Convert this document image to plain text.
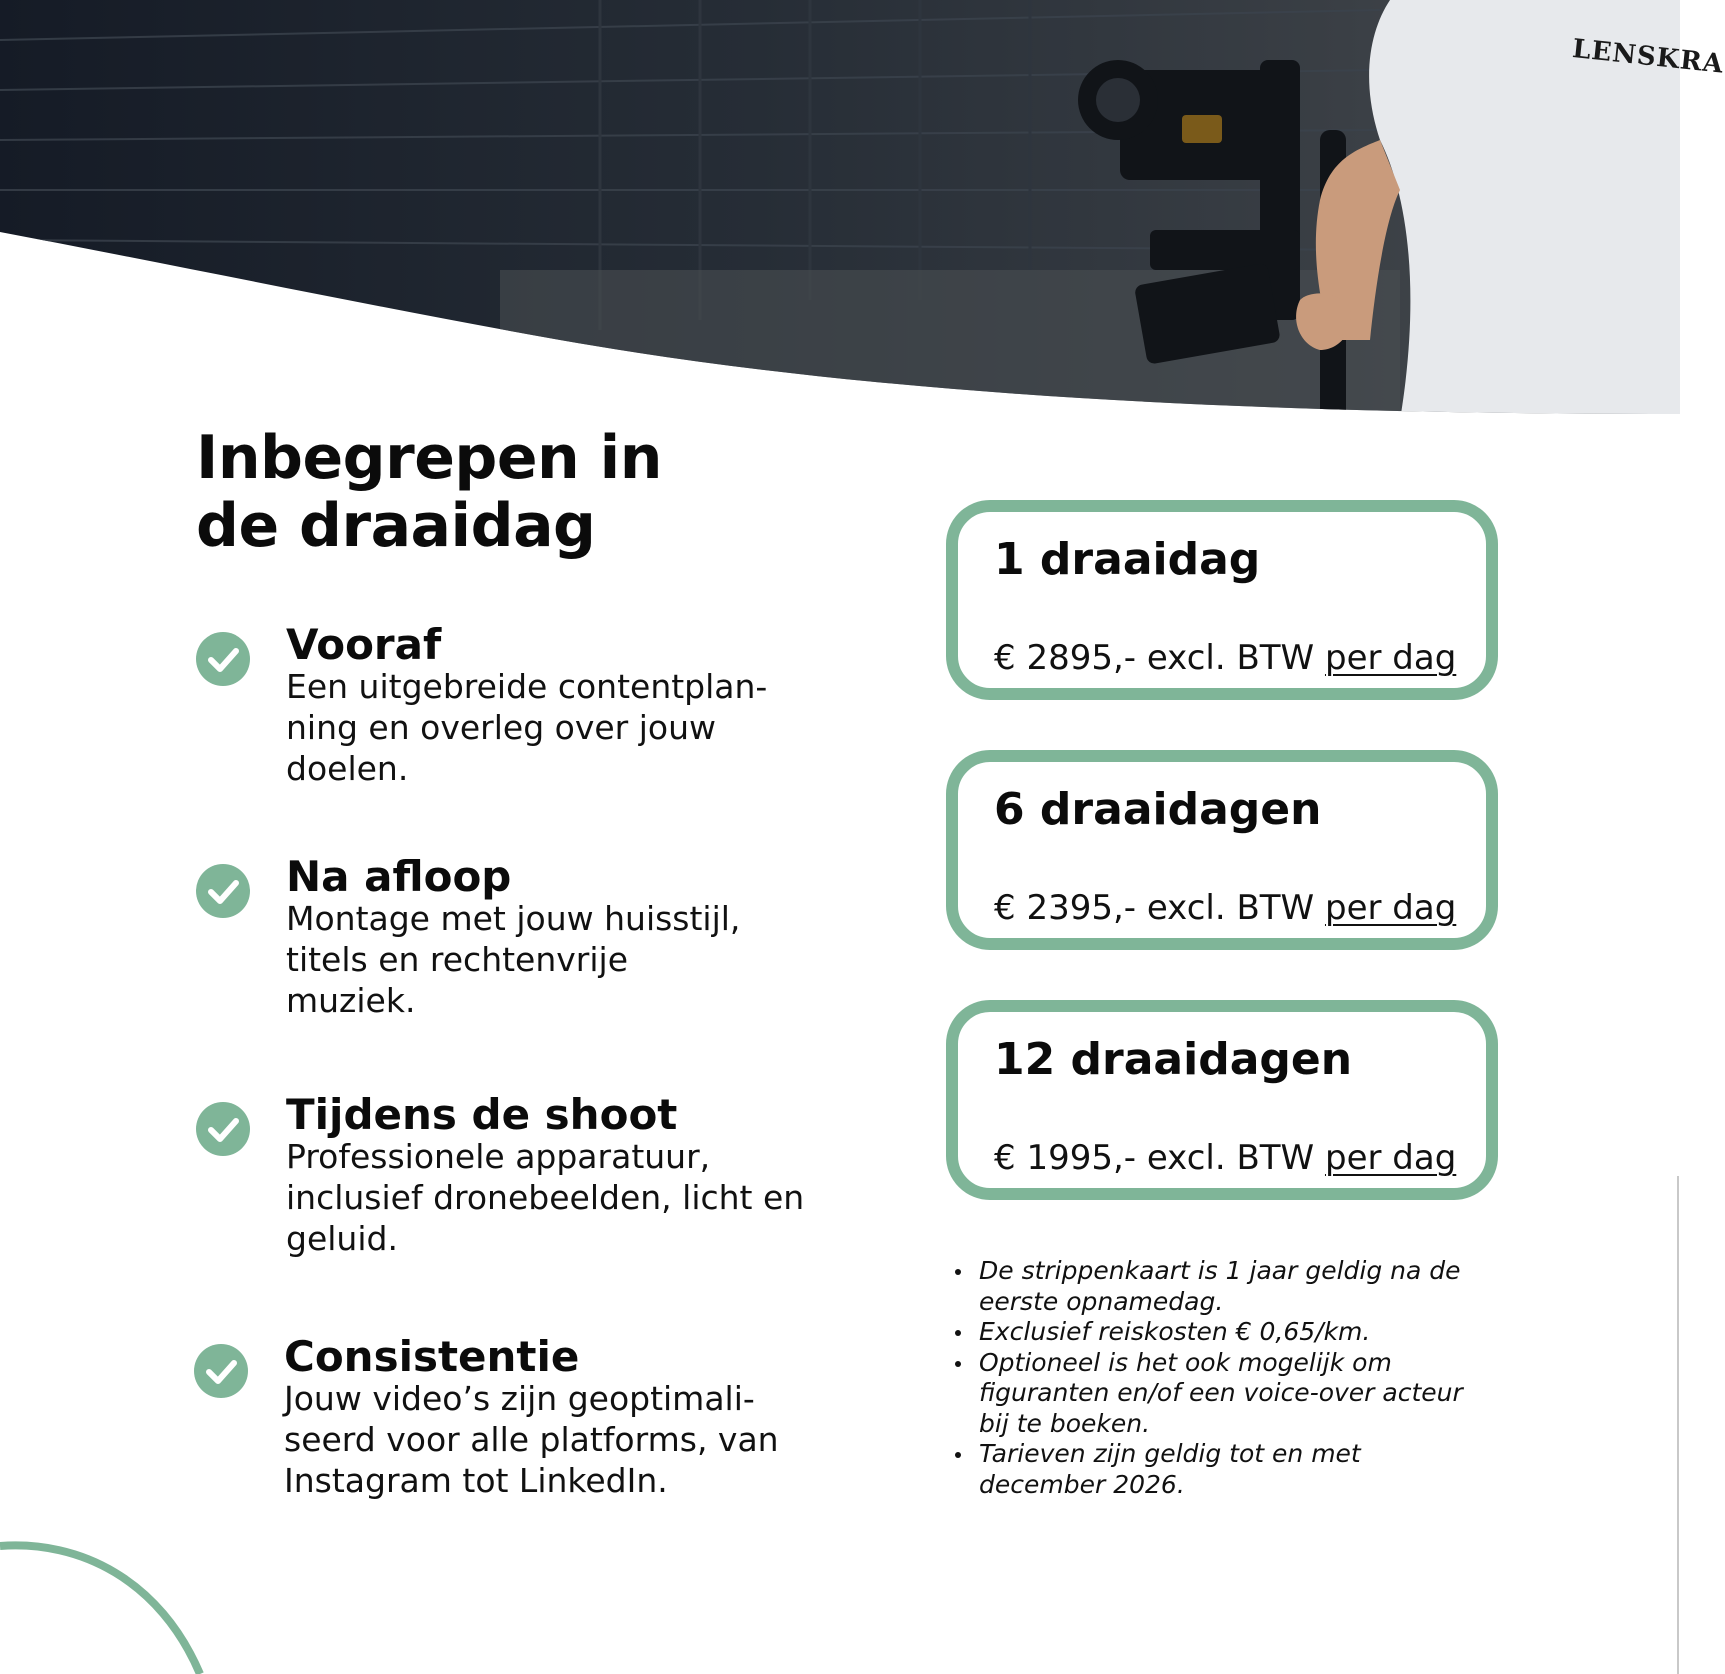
LENSKRA
Inbegrepen in
de draaidag
Vooraf
Een uitgebreide contentplan-
ning en overleg over jouw
doelen.
Na afloop
Montage met jouw huisstijl,
titels en rechtenvrije
muziek.
Tijdens de shoot
Professionele apparatuur,
inclusief dronebeelden, licht en
geluid.
Consistentie
Jouw video’s zijn geoptimali-
seerd voor alle platforms, van
Instagram tot LinkedIn.
1 draaidag
€ 2895,- excl. BTW per dag
6 draaidagen
€ 2395,- excl. BTW per dag
12 draaidagen
€ 1995,- excl. BTW per dag
De strippenkaart is 1 jaar geldig na de
eerste opnamedag.
Exclusief reiskosten € 0,65/km.
Optioneel is het ook mogelijk om
figuranten en/of een voice-over acteur
bij te boeken.
Tarieven zijn geldig tot en met
december 2026.
